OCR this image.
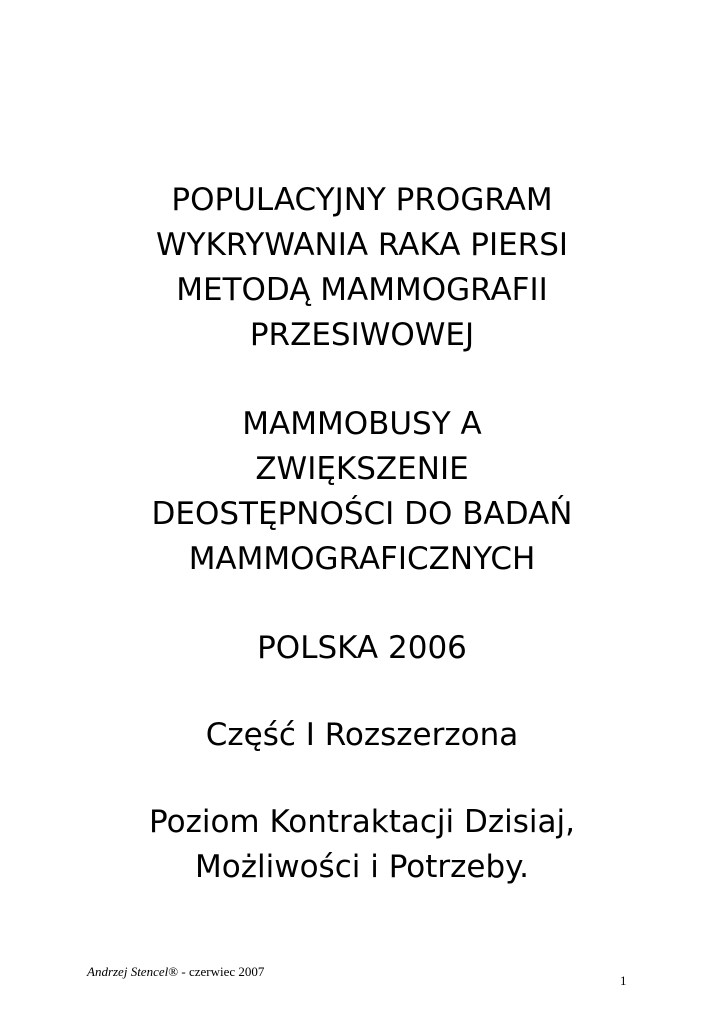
POPULACYJNY PROGRAM
WYKRYWANIA RAKA PIERSI
METODĄ MAMMOGRAFII
PRZESIWOWEJ
MAMMOBUSY A
ZWIĘKSZENIE
DEOSTĘPNOŚCI DO BADAŃ
MAMMOGRAFICZNYCH
POLSKA 2006
Część I Rozszerzona
Poziom Kontraktacji Dzisiaj,
Możliwości i Potrzeby.
Andrzej Stencel® - czerwiec 2007
1
